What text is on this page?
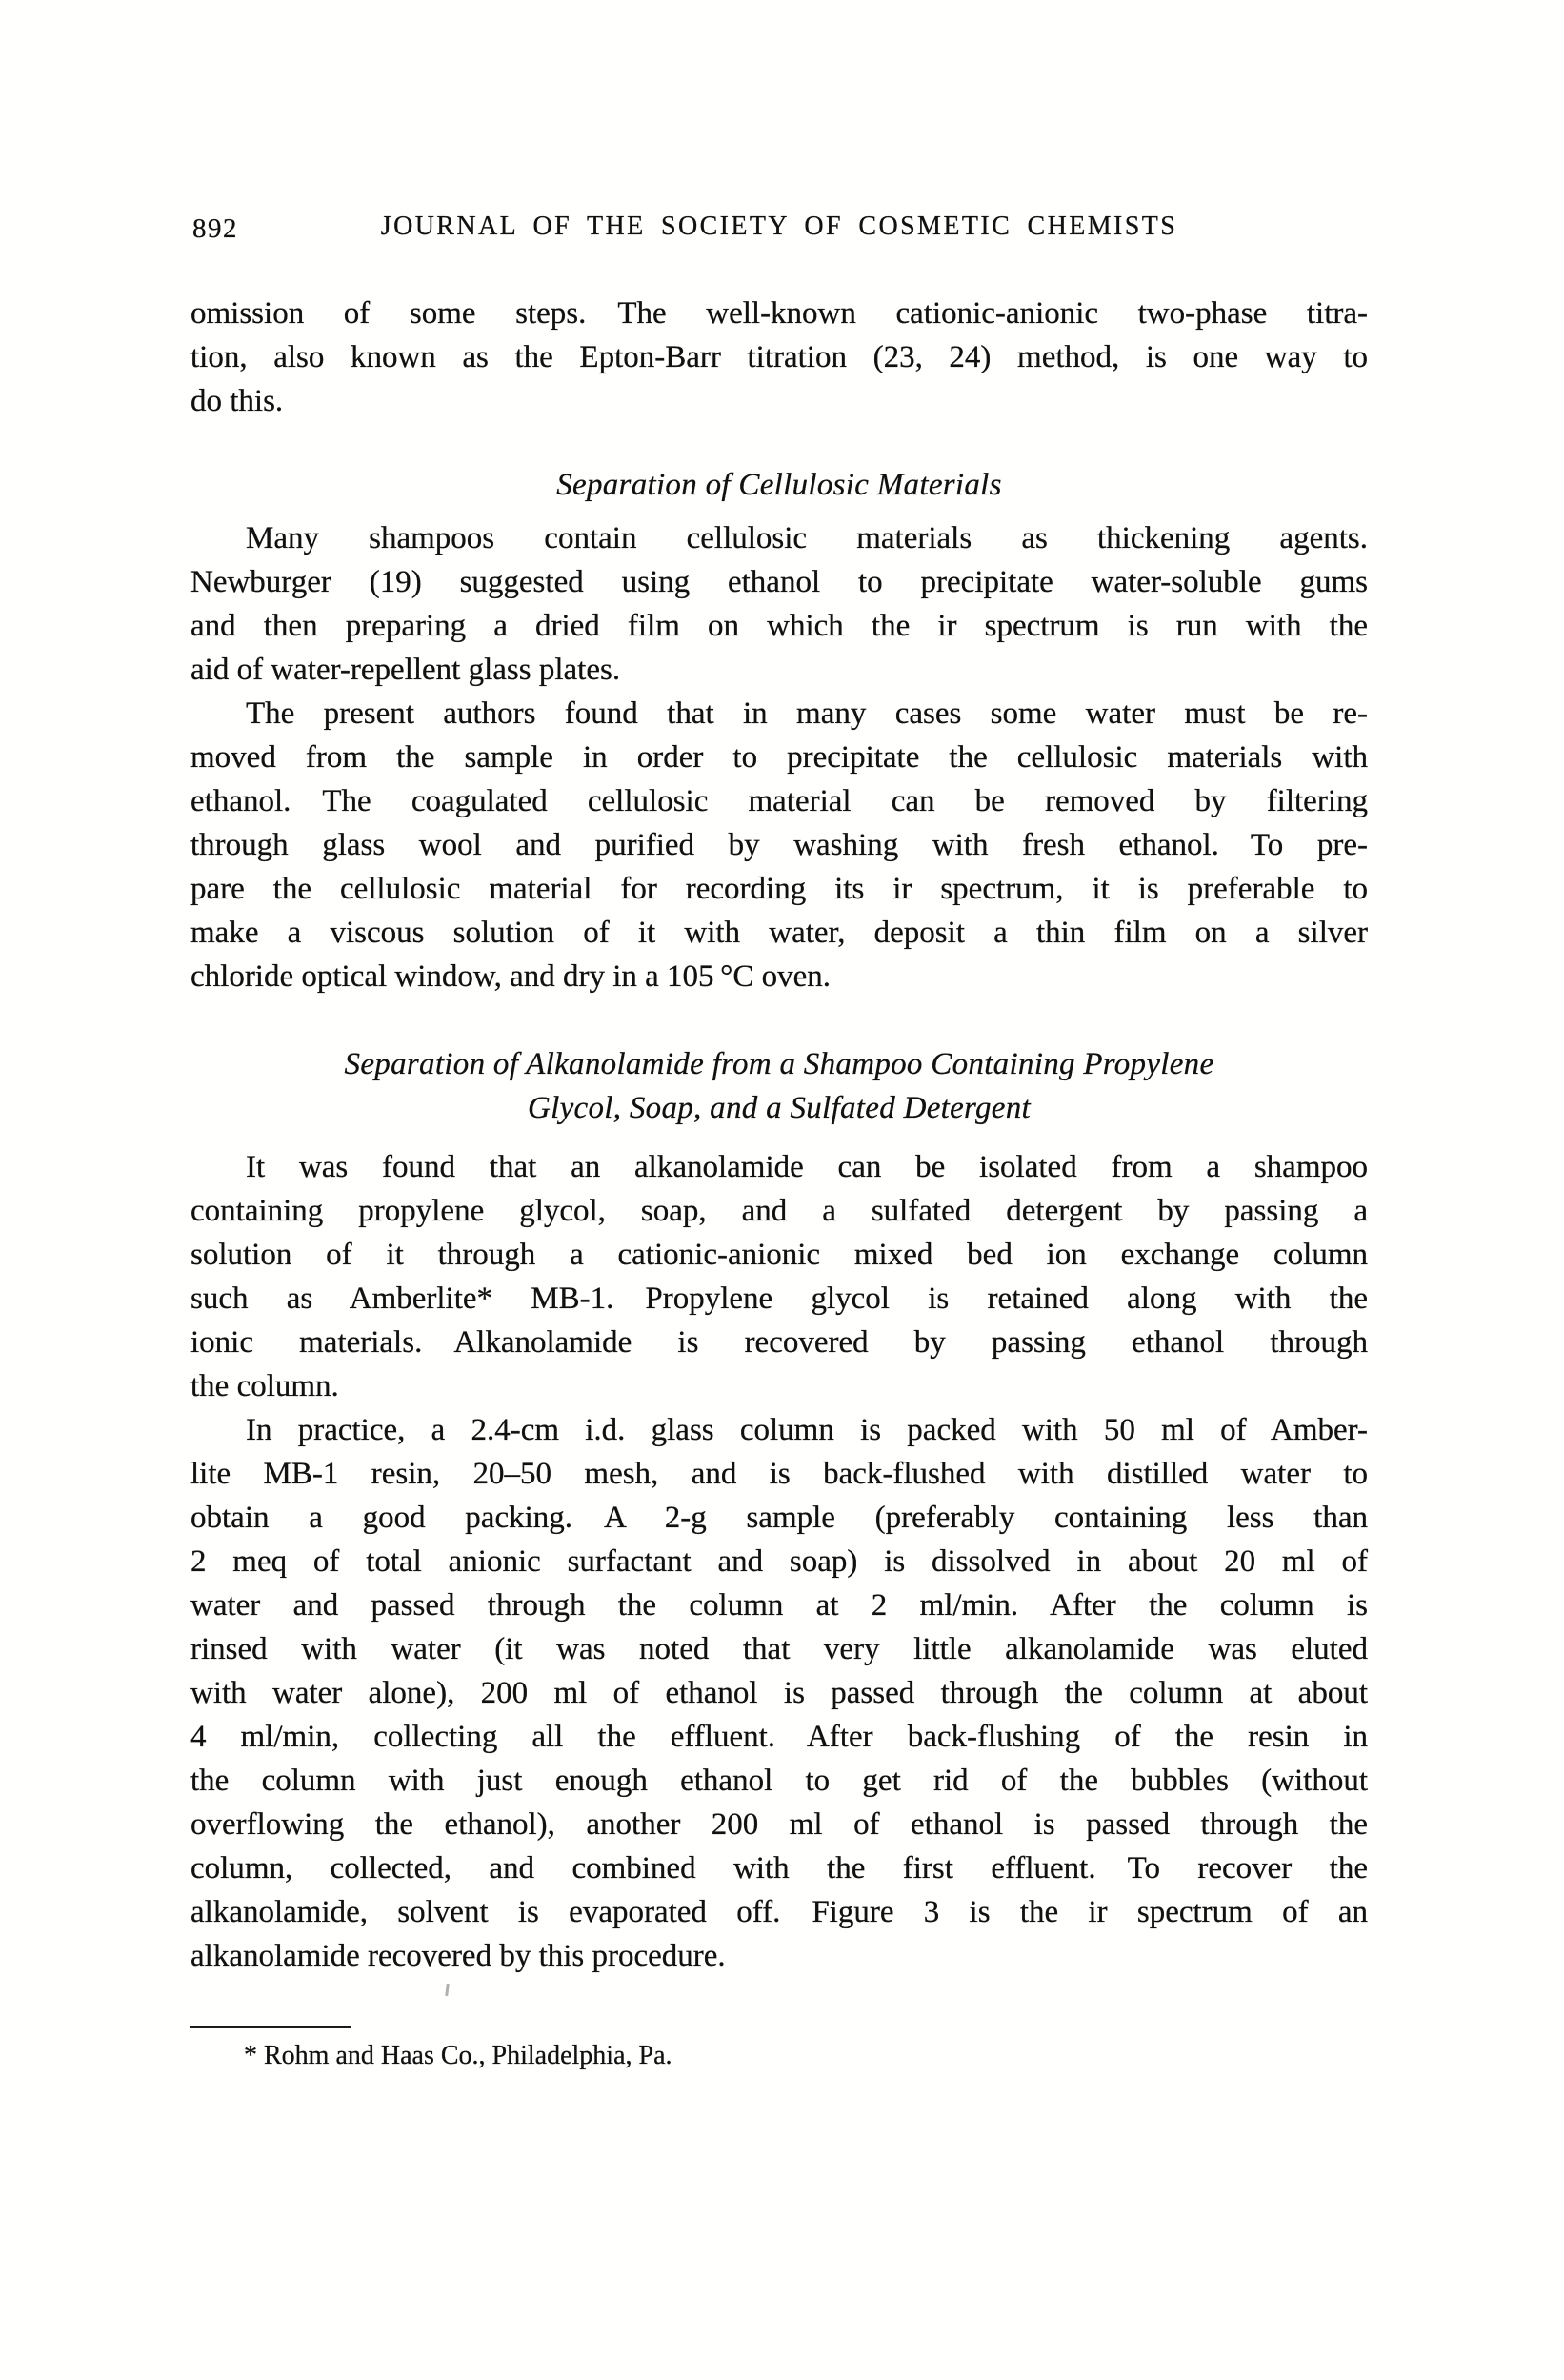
892	JOURNAL OF THE SOCIETY OF COSMETIC CHEMISTS
omission of some steps. The well-known cationic-anionic two-phase titra-
tion, also known as the Epton-Barr titration (23, 24) method, is one way to
do this.
Separation of Cellulosic Materials
Many shampoos contain cellulosic materials as thickening agents.
Newburger (19) suggested using ethanol to precipitate water-soluble gums
and then preparing a dried film on which the ir spectrum is run with the
aid of water-repellent glass plates.
The present authors found that in many cases some water must be re-
moved from the sample in order to precipitate the cellulosic materials with
ethanol. The coagulated cellulosic material can be removed by filtering
through glass wool and purified by washing with fresh ethanol. To pre-
pare the cellulosic material for recording its ir spectrum, it is preferable to
make a viscous solution of it with water, deposit a thin film on a silver
chloride optical window, and dry in a 105 °C oven.
Separation of Alkanolamide from a Shampoo Containing Propylene
Glycol, Soap, and a Sulfated Detergent
It was found that an alkanolamide can be isolated from a shampoo
containing propylene glycol, soap, and a sulfated detergent by passing a
solution of it through a cationic-anionic mixed bed ion exchange column
such as Amberlite* MB-1. Propylene glycol is retained along with the
ionic materials. Alkanolamide is recovered by passing ethanol through
the column.
In practice, a 2.4-cm i.d. glass column is packed with 50 ml of Amber-
lite MB-1 resin, 20–50 mesh, and is back-flushed with distilled water to
obtain a good packing. A 2-g sample (preferably containing less than
2 meq of total anionic surfactant and soap) is dissolved in about 20 ml of
water and passed through the column at 2 ml/min. After the column is
rinsed with water (it was noted that very little alkanolamide was eluted
with water alone), 200 ml of ethanol is passed through the column at about
4 ml/min, collecting all the effluent. After back-flushing of the resin in
the column with just enough ethanol to get rid of the bubbles (without
overflowing the ethanol), another 200 ml of ethanol is passed through the
column, collected, and combined with the first effluent. To recover the
alkanolamide, solvent is evaporated off. Figure 3 is the ir spectrum of an
alkanolamide recovered by this procedure.
* Rohm and Haas Co., Philadelphia, Pa.
